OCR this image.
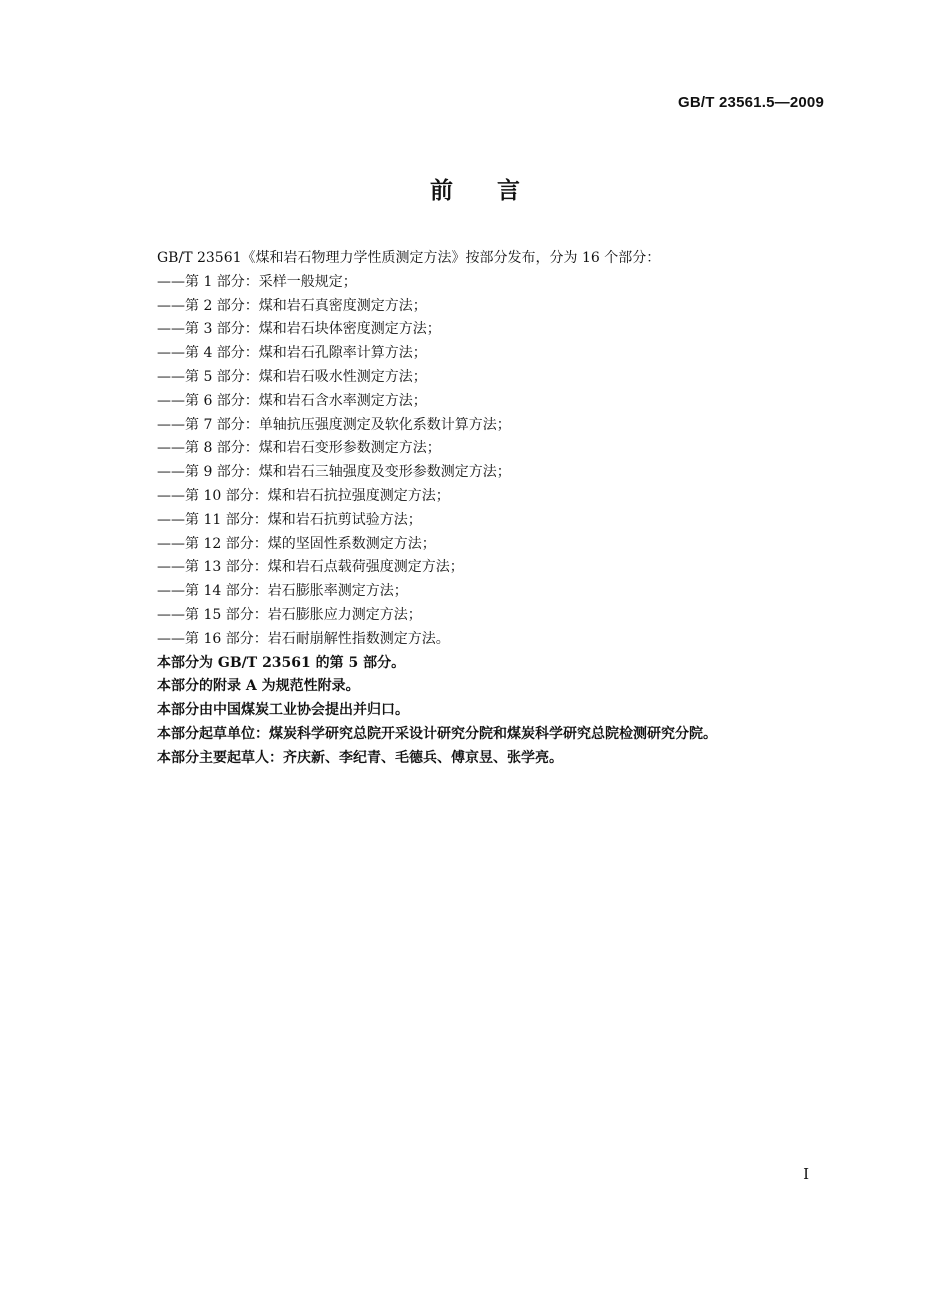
GB/T 23561.5—2009
前言

GB/T 23561《煤和岩石物理力学性质测定方法》按部分发布，分为 16 个部分：

——第 1 部分：采样一般规定；

——第 2 部分：煤和岩石真密度测定方法；

——第 3 部分：煤和岩石块体密度测定方法；

——第 4 部分：煤和岩石孔隙率计算方法；

——第 5 部分：煤和岩石吸水性测定方法；

——第 6 部分：煤和岩石含水率测定方法；

——第 7 部分：单轴抗压强度测定及软化系数计算方法；

——第 8 部分：煤和岩石变形参数测定方法；

——第 9 部分：煤和岩石三轴强度及变形参数测定方法；

——第 10 部分：煤和岩石抗拉强度测定方法；

——第 11 部分：煤和岩石抗剪试验方法；

——第 12 部分：煤的坚固性系数测定方法；

——第 13 部分：煤和岩石点载荷强度测定方法；

——第 14 部分：岩石膨胀率测定方法；

——第 15 部分：岩石膨胀应力测定方法；

——第 16 部分：岩石耐崩解性指数测定方法。

本部分为 GB/T 23561 的第 5 部分。

本部分的附录 A 为规范性附录。

本部分由中国煤炭工业协会提出并归口。

本部分起草单位：煤炭科学研究总院开采设计研究分院和煤炭科学研究总院检测研究分院。

本部分主要起草人：齐庆新、李纪青、毛德兵、傅京昱、张学亮。

I
